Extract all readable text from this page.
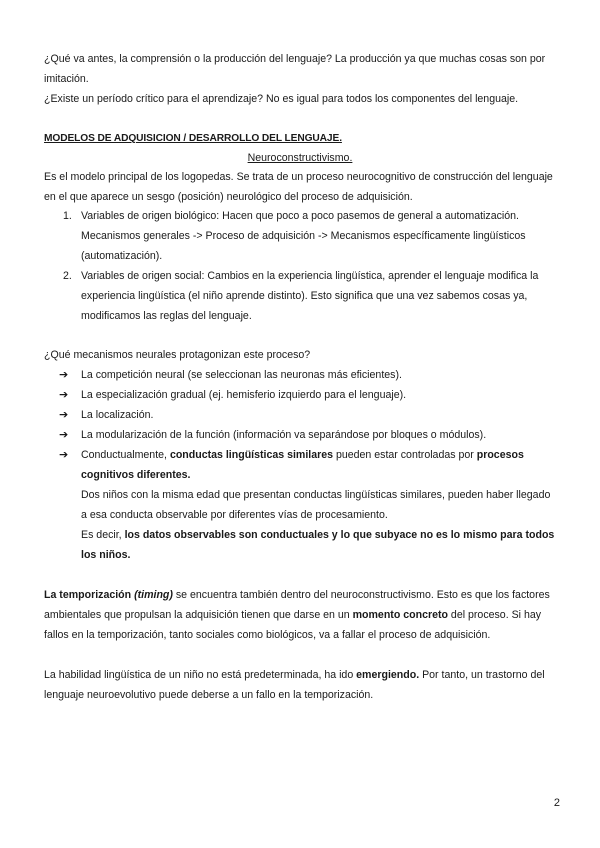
¿Qué va antes, la comprensión o la producción del lenguaje? La producción ya que muchas cosas son por imitación.

¿Existe un período crítico para el aprendizaje? No es igual para todos los componentes del lenguaje.

MODELOS DE ADQUISICION / DESARROLLO DEL LENGUAJE.

Neuroconstructivismo.

Es el modelo principal de los logopedas. Se trata de un proceso neurocognitivo de construcción del lenguaje en el que aparece un sesgo (posición) neurológico del proceso de adquisición.

1. Variables de origen biológico: Hacen que poco a poco pasemos de general a automatización. Mecanismos generales -> Proceso de adquisición -> Mecanismos específicamente lingüísticos (automatización).
2. Variables de origen social: Cambios en la experiencia lingüística, aprender el lenguaje modifica la experiencia lingüística (el niño aprende distinto). Esto significa que una vez sabemos cosas ya, modificamos las reglas del lenguaje.

¿Qué mecanismos neurales protagonizan este proceso?

➔ La competición neural (se seleccionan las neuronas más eficientes).
➔ La especialización gradual (ej. hemisferio izquierdo para el lenguaje).
➔ La localización.
➔ La modularización de la función (información va separándose por bloques o módulos).
➔ Conductualmente, conductas lingüísticas similares pueden estar controladas por procesos cognitivos diferentes.
Dos niños con la misma edad que presentan conductas lingüísticas similares, pueden haber llegado a esa conducta observable por diferentes vías de procesamiento.
Es decir, los datos observables son conductuales y lo que subyace no es lo mismo para todos los niños.

La temporización (timing) se encuentra también dentro del neuroconstructivismo. Esto es que los factores ambientales que propulsan la adquisición tienen que darse en un momento concreto del proceso. Si hay fallos en la temporización, tanto sociales como biológicos, va a fallar el proceso de adquisición.

La habilidad lingüística de un niño no está predeterminada, ha ido emergiendo. Por tanto, un trastorno del lenguaje neuroevolutivo puede deberse a un fallo en la temporización.

2
